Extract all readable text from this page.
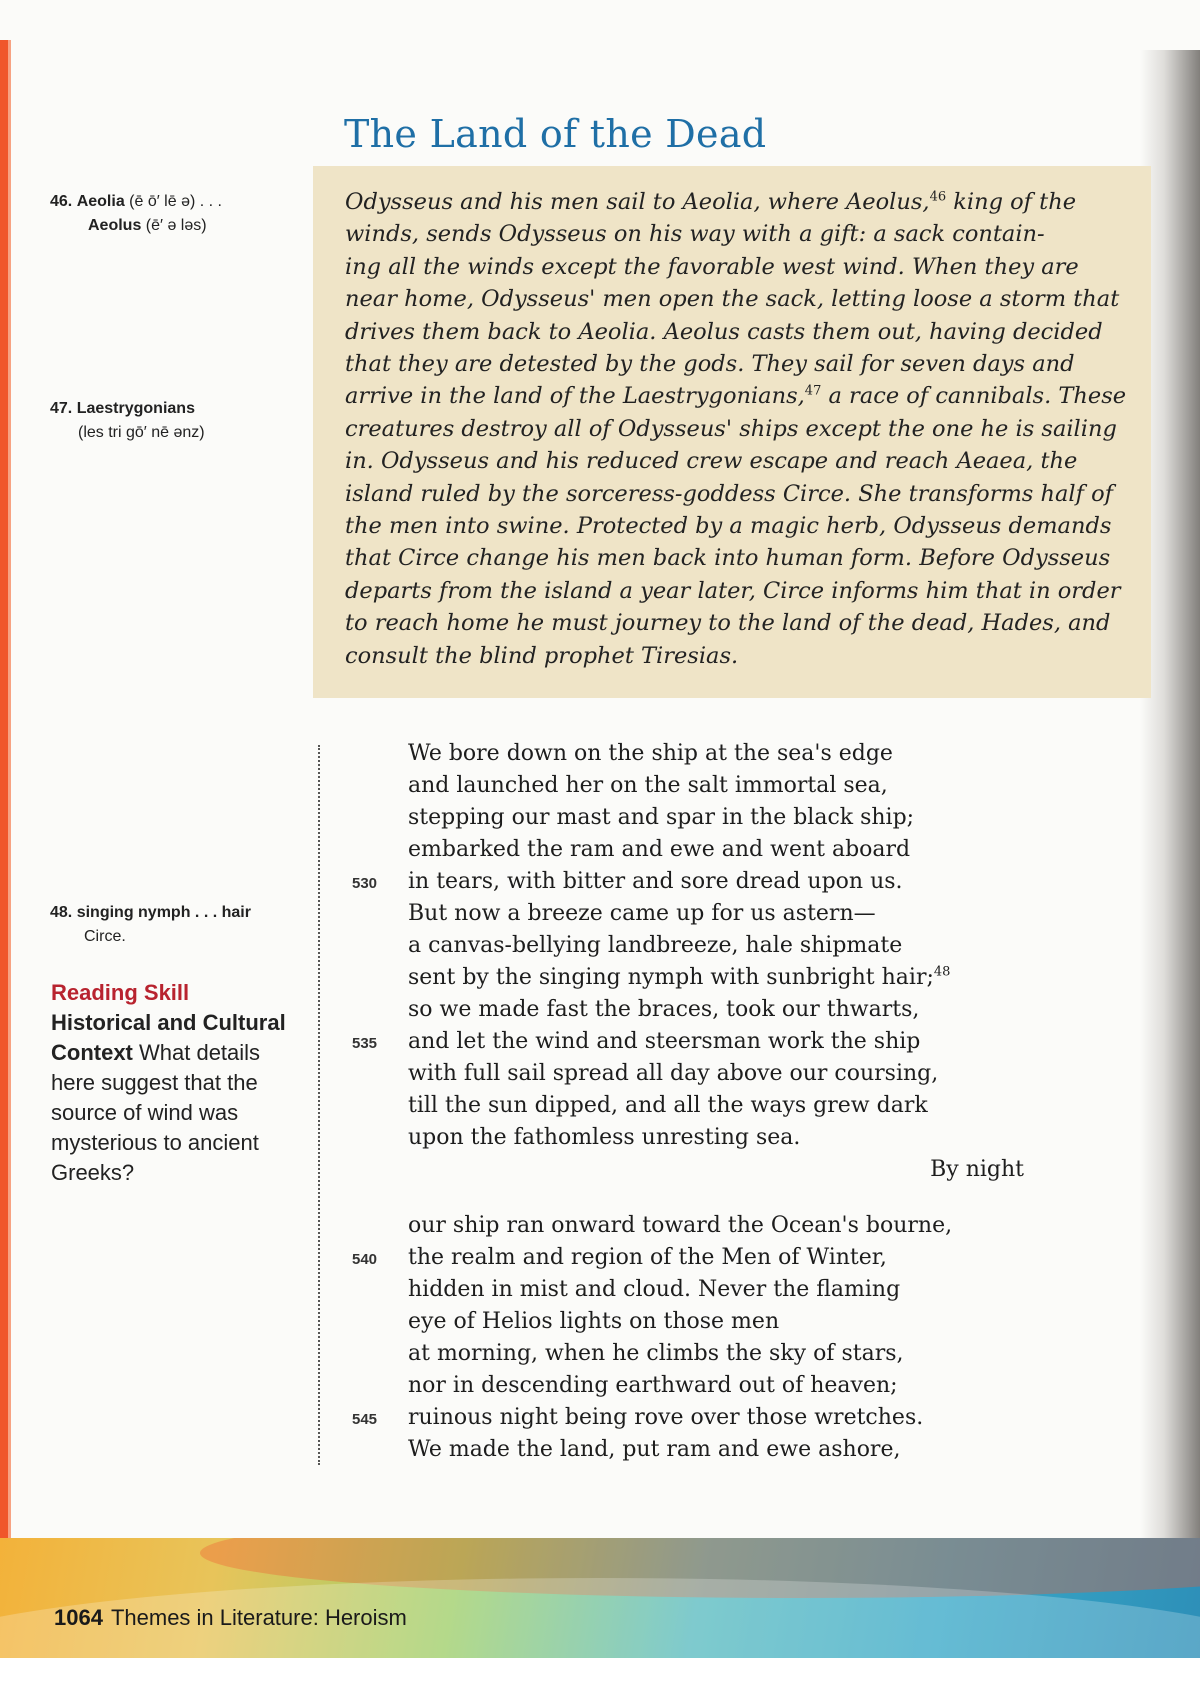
The Land of the Dead
Odysseus and his men sail to Aeolia, where Aeolus,$^{46}$ king of the
winds, sends Odysseus on his way with a gift: a sack contain-
ing all the winds except the favorable west wind. When they are
near home, Odysseus' men open the sack, letting loose a storm that
drives them back to Aeolia. Aeolus casts them out, having decided
that they are detested by the gods. They sail for seven days and
arrive in the land of the Laestrygonians,$^{47}$ a race of cannibals. These
creatures destroy all of Odysseus' ships except the one he is sailing
in. Odysseus and his reduced crew escape and reach Aeaea, the
island ruled by the sorceress-goddess Circe. She transforms half of
the men into swine. Protected by a magic herb, Odysseus demands
that Circe change his men back into human form. Before Odysseus
departs from the island a year later, Circe informs him that in order
to reach home he must journey to the land of the dead, Hades, and
consult the blind prophet Tiresias.
46. Aeolia (ē ō′ lē ə) . . .
Aeolus (ē′ ə ləs)
47. Laestrygonians
(les tri gō′ nē ənz)
48. singing nymph . . . hair
Circe.
Reading Skill
Historical and Cultural Context What details here suggest that the source of wind was mysterious to ancient Greeks?
We bore down on the ship at the sea's edge
and launched her on the salt immortal sea,
stepping our mast and spar in the black ship;
embarked the ram and ewe and went aboard
530 in tears, with bitter and sore dread upon us.
But now a breeze came up for us astern—
a canvas-bellying landbreeze, hale shipmate
sent by the singing nymph with sunbright hair;$^{48}$
so we made fast the braces, took our thwarts,
535 and let the wind and steersman work the ship
with full sail spread all day above our coursing,
till the sun dipped, and all the ways grew dark
upon the fathomless unresting sea.
By night
our ship ran onward toward the Ocean's bourne,
540 the realm and region of the Men of Winter,
hidden in mist and cloud. Never the flaming
eye of Helios lights on those men
at morning, when he climbs the sky of stars,
nor in descending earthward out of heaven;
545 ruinous night being rove over those wretches.
We made the land, put ram and ewe ashore,
1064 Themes in Literature: Heroism
